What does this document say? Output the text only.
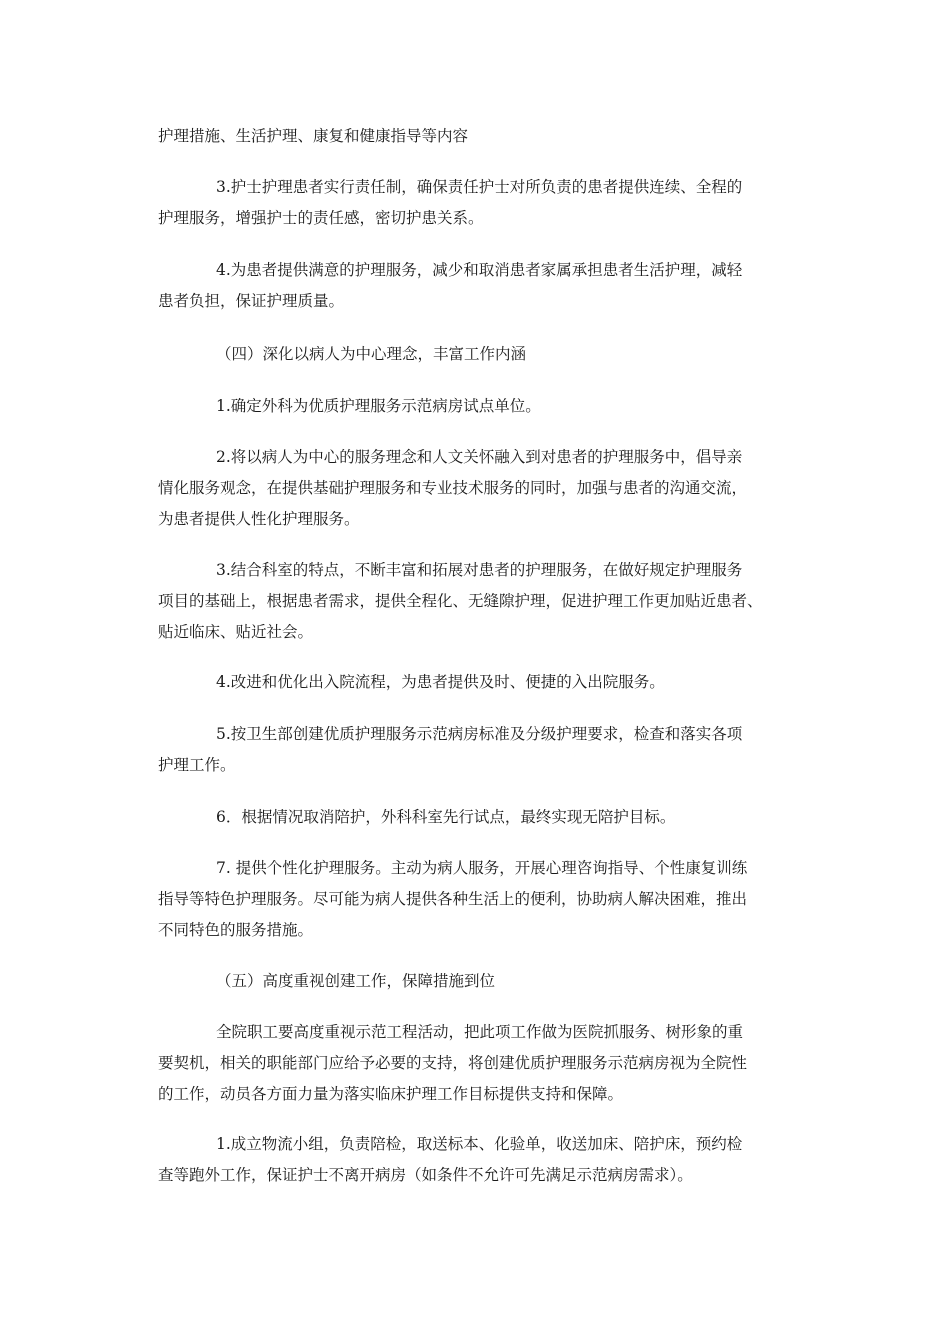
护理措施、生活护理、康复和健康指导等内容
3.护士护理患者实行责任制，确保责任护士对所负责的患者提供连续、全程的
护理服务，增强护士的责任感，密切护患关系。
4.为患者提供满意的护理服务，减少和取消患者家属承担患者生活护理，减轻
患者负担，保证护理质量。
（四）深化以病人为中心理念，丰富工作内涵
1.确定外科为优质护理服务示范病房试点单位。
2.将以病人为中心的服务理念和人文关怀融入到对患者的护理服务中，倡导亲
情化服务观念，在提供基础护理服务和专业技术服务的同时，加强与患者的沟通交流，
为患者提供人性化护理服务。
3.结合科室的特点，不断丰富和拓展对患者的护理服务，在做好规定护理服务
项目的基础上，根据患者需求，提供全程化、无缝隙护理，促进护理工作更加贴近患者、
贴近临床、贴近社会。
4.改进和优化出入院流程，为患者提供及时、便捷的入出院服务。
5.按卫生部创建优质护理服务示范病房标准及分级护理要求，检查和落实各项
护理工作。
6．根据情况取消陪护，外科科室先行试点，最终实现无陪护目标。
7. 提供个性化护理服务。主动为病人服务，开展心理咨询指导、个性康复训练
指导等特色护理服务。尽可能为病人提供各种生活上的便利，协助病人解决困难，推出
不同特色的服务措施。
（五）高度重视创建工作，保障措施到位
全院职工要高度重视示范工程活动，把此项工作做为医院抓服务、树形象的重
要契机，相关的职能部门应给予必要的支持，将创建优质护理服务示范病房视为全院性
的工作，动员各方面力量为落实临床护理工作目标提供支持和保障。
1.成立物流小组，负责陪检，取送标本、化验单，收送加床、陪护床，预约检
查等跑外工作，保证护士不离开病房（如条件不允许可先满足示范病房需求）。
